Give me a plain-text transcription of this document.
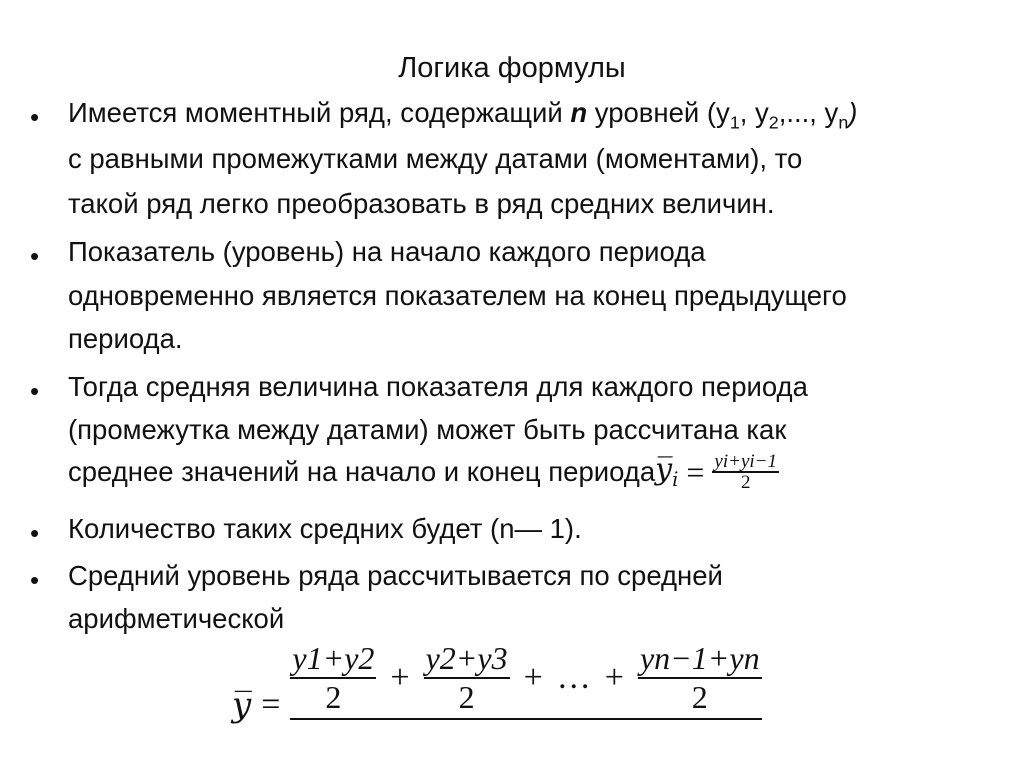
Логика формулы
• Имеется моментный ряд, содержащий n уровней ($y_1$, $y_2$,..., $y_n$)
с равными промежутками между датами (моментами), то
такой ряд легко преобразовать в ряд средних величин.
• Показатель (уровень) на начало каждого периода
одновременно является показателем на конец предыдущего
периода.
• Тогда средняя величина показателя для каждого периода
(промежутка между датами) может быть рассчитана как
среднее значений на начало и конец периода $y̅_i = \frac{yi+yi-1}{2}$
• Количество таких средних будет (n— 1).
• Средний уровень ряда рассчитывается по средней
арифметической
y̅ = $\frac{y1+y2}{2} + \frac{y2+y3}{2}$ + … + $\frac{yn-1+yn}{2}$
